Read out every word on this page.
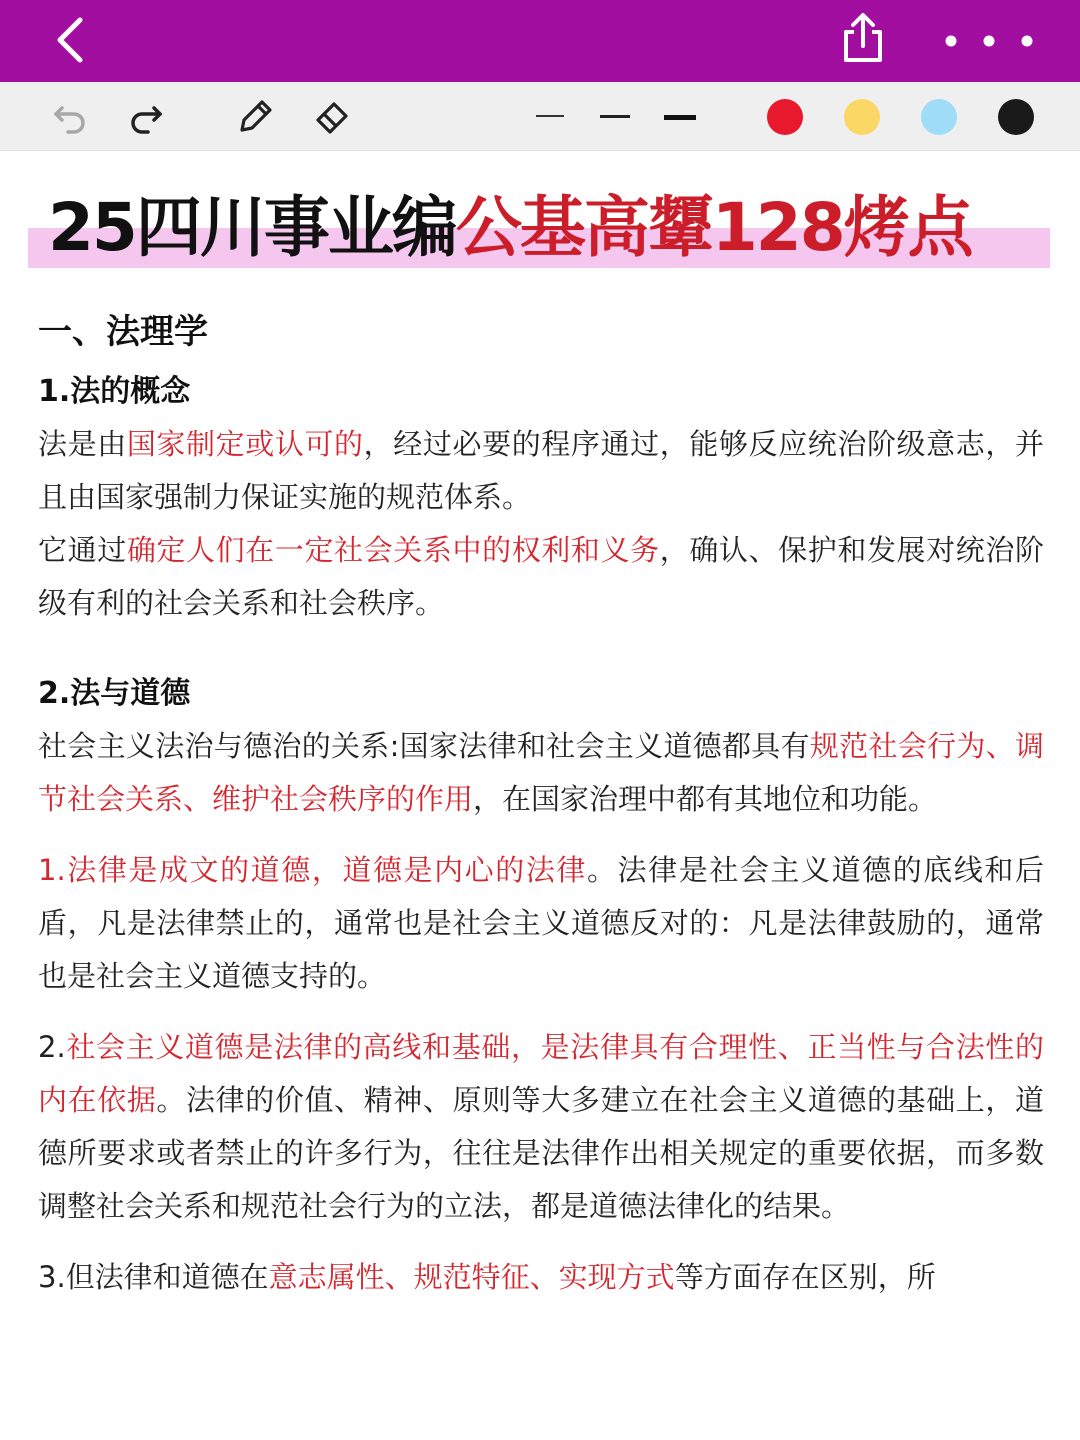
25四川事业编公基高顰128烤点
一、法理学
1.法的概念

法是由国家制定或认可的，经过必要的程序通过，能够反应统治阶级意志，并且由国家强制力保证实施的规范体系。

它通过确定人们在一定社会关系中的权利和义务，确认、保护和发展对统治阶级有利的社会关系和社会秩序。

2.法与道德

社会主义法治与德治的关系:国家法律和社会主义道德都具有规范社会行为、调节社会关系、维护社会秩序的作用，在国家治理中都有其地位和功能。

1.法律是成文的道德，道德是内心的法律。法律是社会主义道德的底线和后盾，凡是法律禁止的，通常也是社会主义道德反对的：凡是法律鼓励的，通常也是社会主义道德支持的。

2.社会主义道德是法律的高线和基础，是法律具有合理性、正当性与合法性的内在依据。法律的价值、精神、原则等大多建立在社会主义道德的基础上，道德所要求或者禁止的许多行为，往往是法律作出相关规定的重要依据，而多数调整社会关系和规范社会行为的立法，都是道德法律化的结果。

3.但法律和道德在意志属性、规范特征、实现方式等方面存在区别，所
